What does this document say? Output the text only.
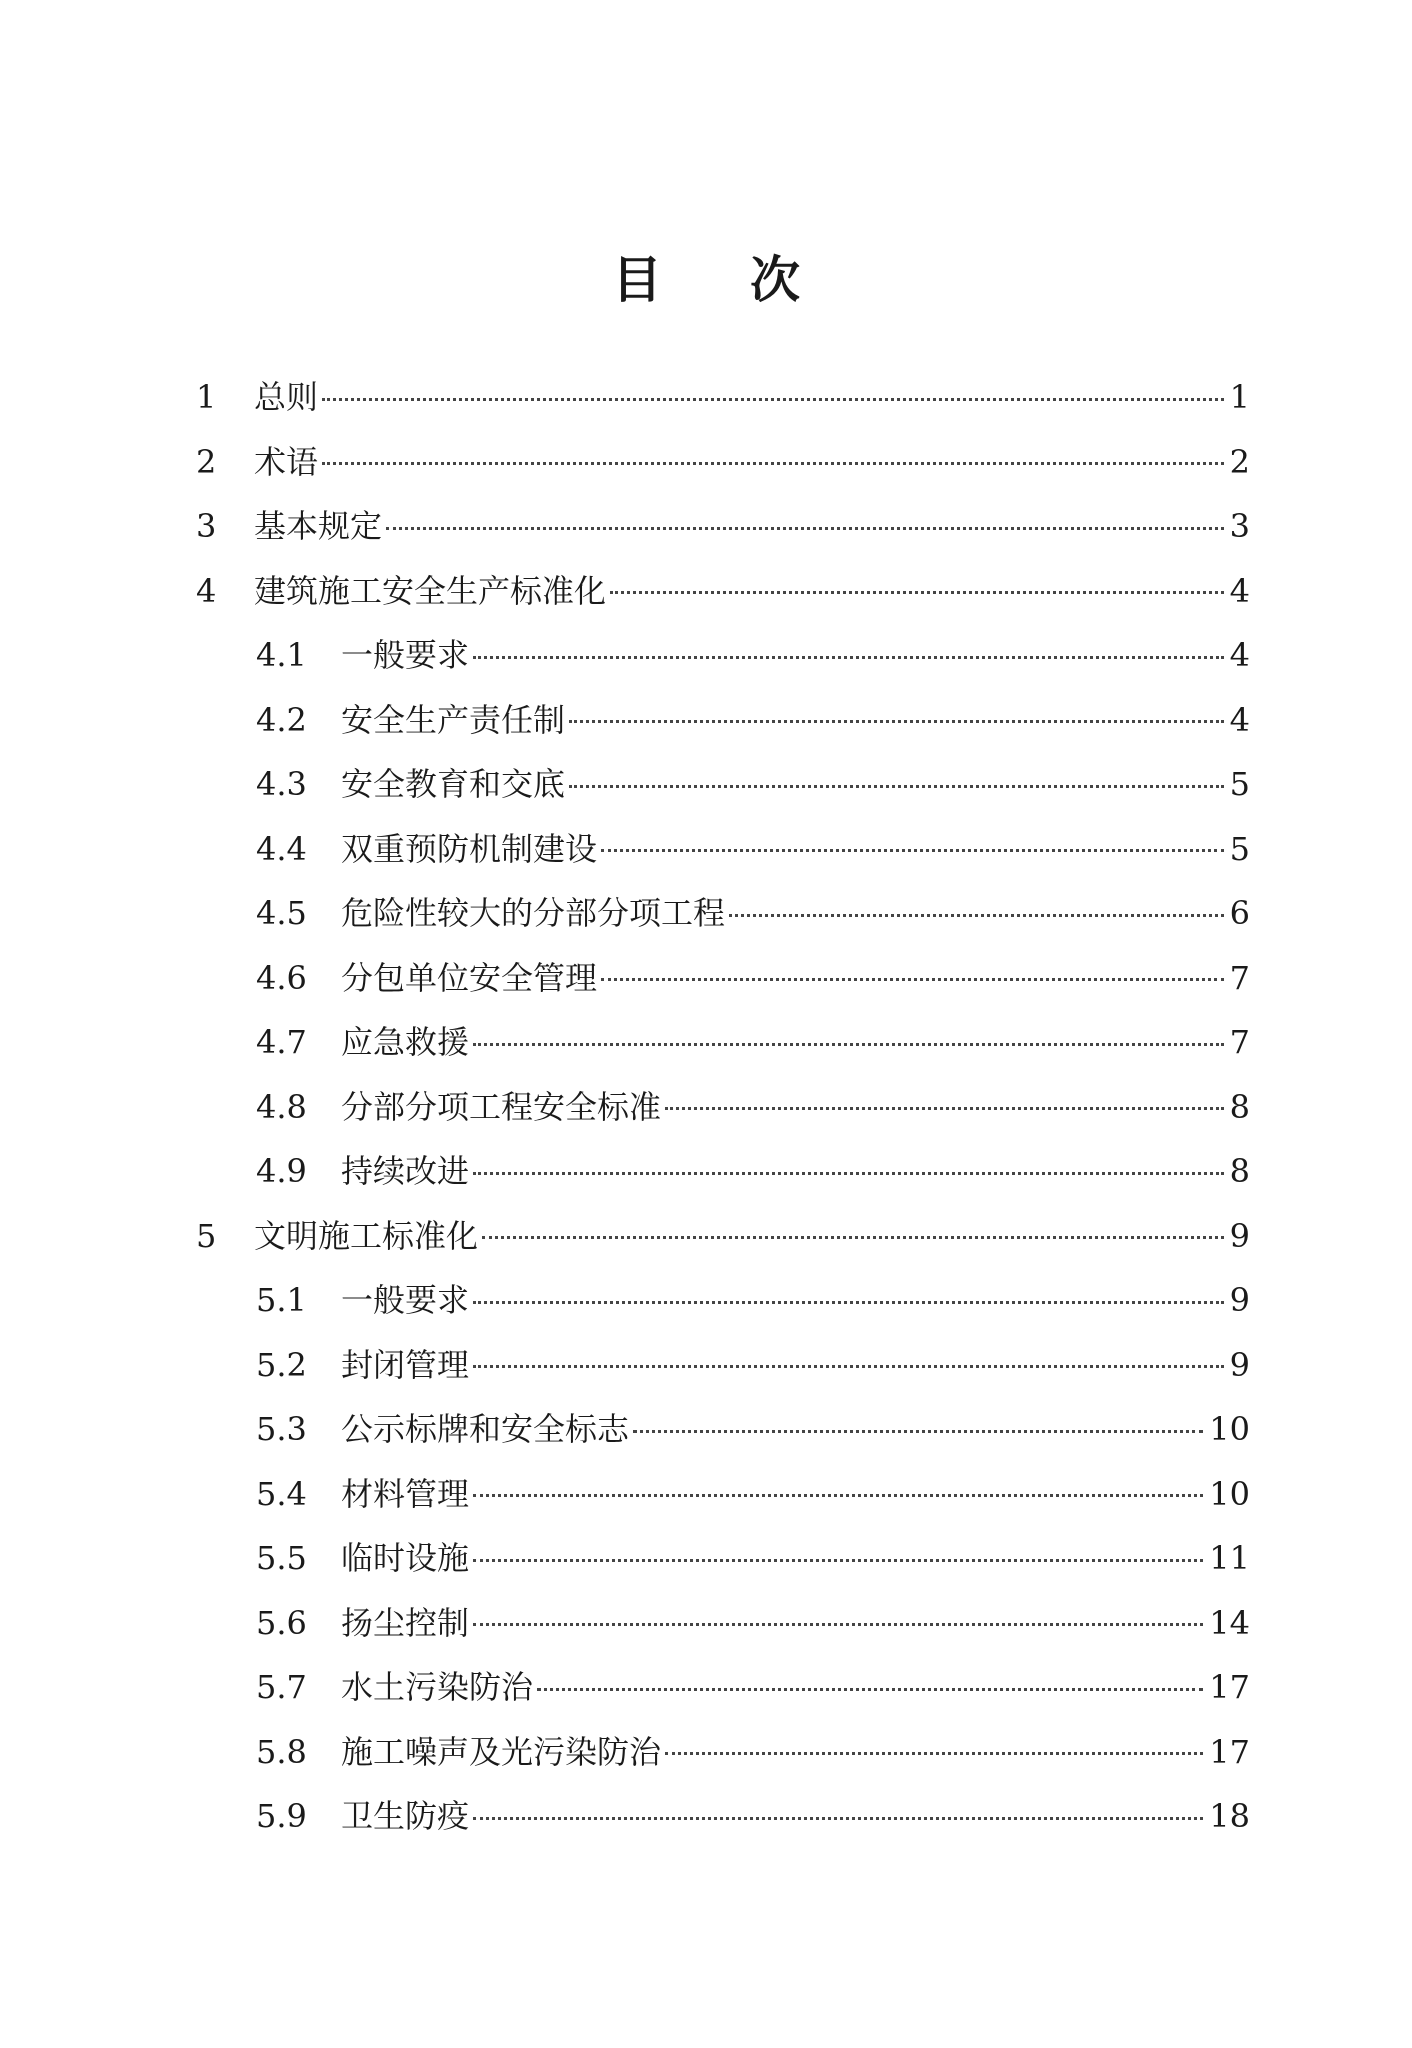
目 次
1	总则	1
2	术语	2
3	基本规定	3
4	建筑施工安全生产标准化	4
4.1	一般要求	4
4.2	安全生产责任制	4
4.3	安全教育和交底	5
4.4	双重预防机制建设	5
4.5	危险性较大的分部分项工程	6
4.6	分包单位安全管理	7
4.7	应急救援	7
4.8	分部分项工程安全标准	8
4.9	持续改进	8
5	文明施工标准化	9
5.1	一般要求	9
5.2	封闭管理	9
5.3	公示标牌和安全标志	10
5.4	材料管理	10
5.5	临时设施	11
5.6	扬尘控制	14
5.7	水土污染防治	17
5.8	施工噪声及光污染防治	17
5.9	卫生防疫	18
